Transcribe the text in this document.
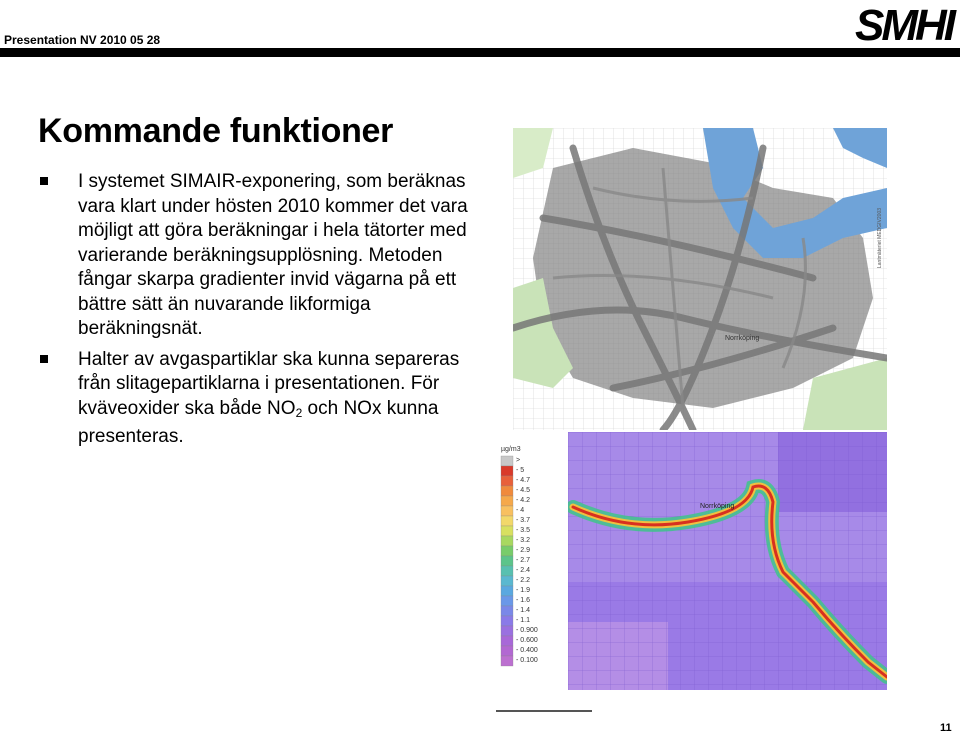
Presentation NV 2010 05 28	SMHI
Kommande funktioner
I systemet SIMAIR-exponering, som beräknas vara klart under hösten 2010 kommer det vara möjligt att göra beräkningar i hela tätorter med varierande beräkningsupplösning. Metoden fångar skarpa gradienter invid vägarna på ett bättre sätt än nuvarande likformiga beräkningsnät.
Halter av avgaspartiklar ska kunna separeras från slitagepartiklarna i presentationen. För kväveoxider ska både $NO_2$ och NOx kunna presenteras.
Norrköping
Lantmäteriet MEDGIV2003
Norrköping
µg/m3
>
- 5
- 4.7
- 4.5
- 4.2
- 4
- 3.7
- 3.5
- 3.2
- 2.9
- 2.7
- 2.4
- 2.2
- 1.9
- 1.6
- 1.4
- 1.1
- 0.900
- 0.600
- 0.400
- 0.100
11
